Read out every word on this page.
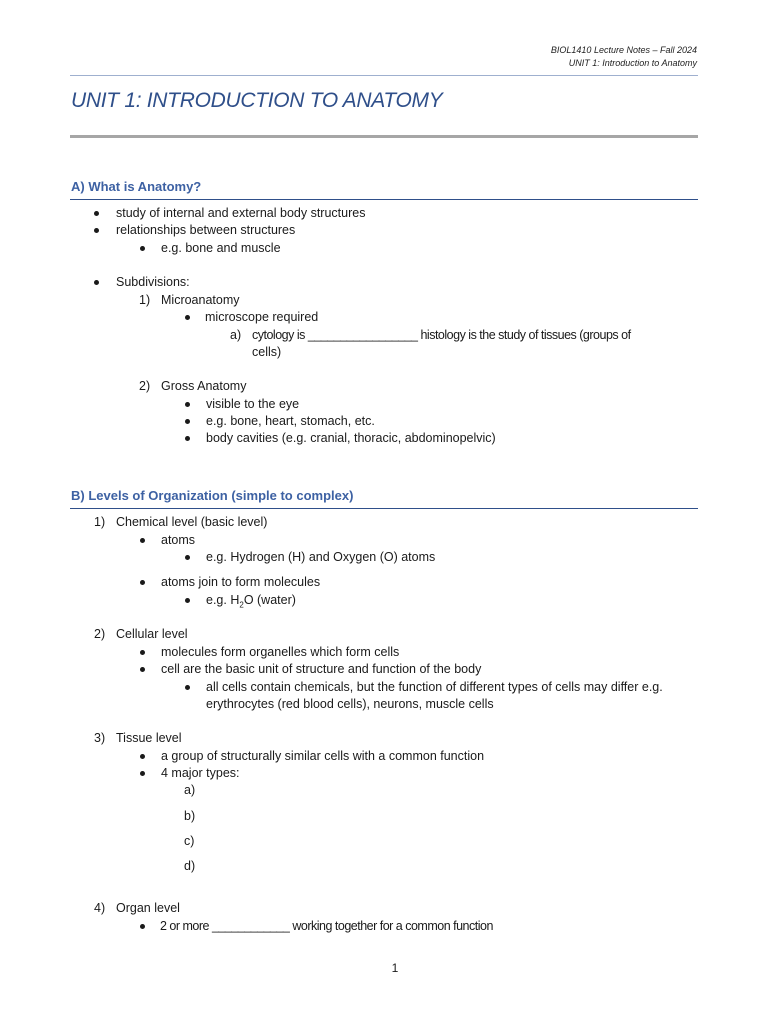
BIOL1410 Lecture Notes – Fall 2024
UNIT 1: Introduction to Anatomy
UNIT 1: INTRODUCTION TO ANATOMY
A) What is Anatomy?
study of internal and external body structures
relationships between structures
e.g. bone and muscle
Subdivisions:
1) Microanatomy
microscope required
a) cytology is _________________ histology is the study of tissues (groups of
cells)
2) Gross Anatomy
visible to the eye
e.g. bone, heart, stomach, etc.
body cavities (e.g. cranial, thoracic, abdominopelvic)
B) Levels of Organization (simple to complex)
1) Chemical level (basic level)
atoms
e.g. Hydrogen (H) and Oxygen (O) atoms
atoms join to form molecules
e.g. $H_2O$ (water)
2) Cellular level
molecules form organelles which form cells
cell are the basic unit of structure and function of the body
all cells contain chemicals, but the function of different types of cells may differ e.g.
erythrocytes (red blood cells), neurons, muscle cells
3) Tissue level
a group of structurally similar cells with a common function
4 major types:
a)
b)
c)
d)
4) Organ level
2 or more ____________ working together for a common function
1
